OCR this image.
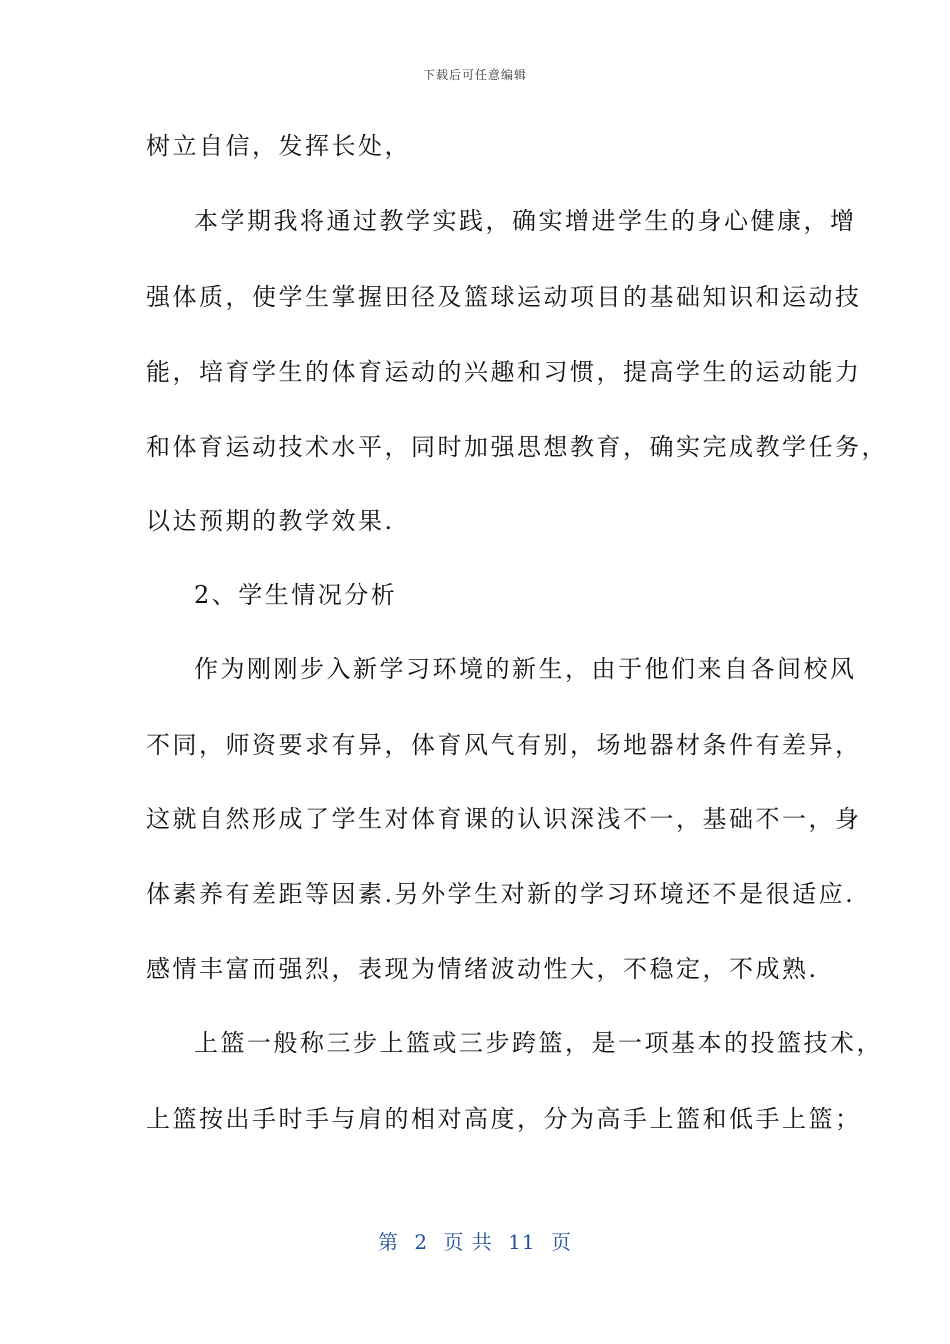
下载后可任意编辑
树立自信，发挥长处，
本学期我将通过教学实践，确实增进学生的身心健康，增
强体质，使学生掌握田径及篮球运动项目的基础知识和运动技
能，培育学生的体育运动的兴趣和习惯，提高学生的运动能力
和体育运动技术水平，同时加强思想教育，确实完成教学任务，
以达预期的教学效果.
2、学生情况分析
作为刚刚步入新学习环境的新生，由于他们来自各间校风
不同，师资要求有异，体育风气有别，场地器材条件有差异，
这就自然形成了学生对体育课的认识深浅不一，基础不一，身
体素养有差距等因素.另外学生对新的学习环境还不是很适应.
感情丰富而强烈，表现为情绪波动性大，不稳定，不成熟.
上篮一般称三步上篮或三步跨篮，是一项基本的投篮技术，
上篮按出手时手与肩的相对高度，分为高手上篮和低手上篮；
第 2 页 共 11 页
